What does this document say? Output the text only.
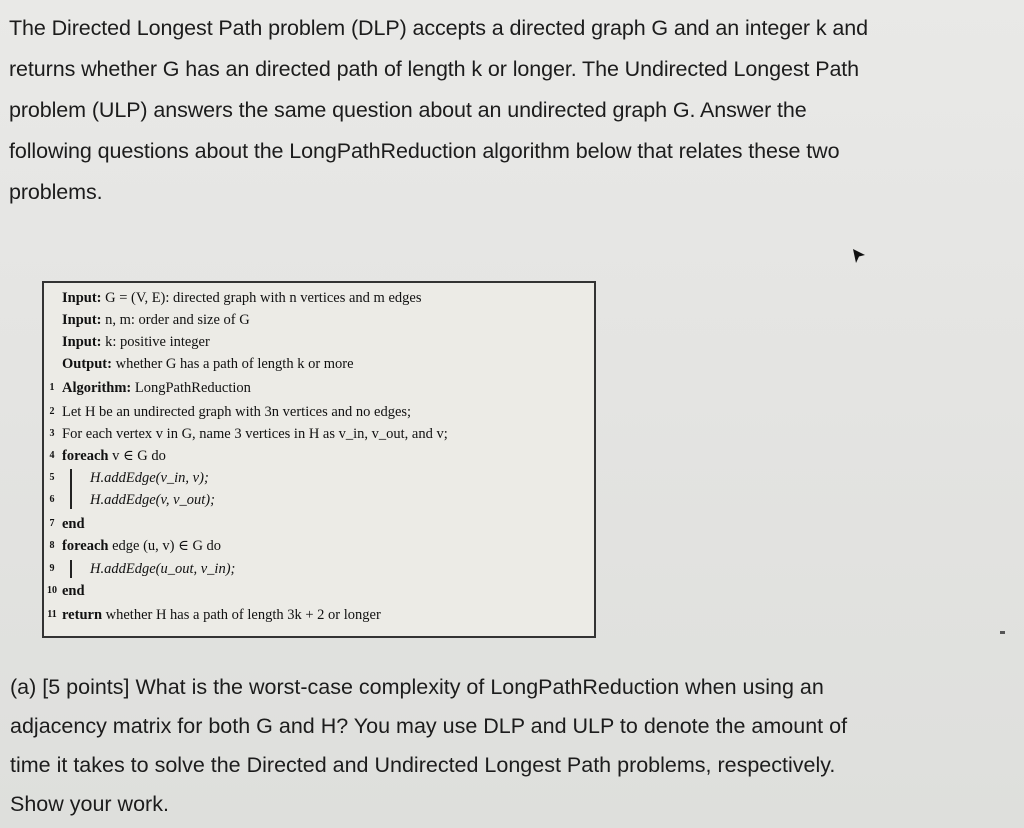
The Directed Longest Path problem (DLP) accepts a directed graph G and an integer k and

returns whether G has an directed path of length k or longer. The Undirected Longest Path

problem (ULP) answers the same question about an undirected graph G. Answer the

following questions about the LongPathReduction algorithm below that relates these two

problems.

Input: G = (V, E): directed graph with n vertices and m edges
Input: n, m: order and size of G
Input: k: positive integer
Output: whether G has a path of length k or more
1 Algorithm: LongPathReduction
2 Let H be an undirected graph with 3n vertices and no edges;
3 For each vertex v in G, name 3 vertices in H as v_in, v_out, and v;
4 foreach v ∈ G do
5 H.addEdge(v_in, v);
6 H.addEdge(v, v_out);
7 end
8 foreach edge (u, v) ∈ G do
9 H.addEdge(u_out, v_in);
10 end
11 return whether H has a path of length 3k + 2 or longer

(a) [5 points] What is the worst-case complexity of LongPathReduction when using an

adjacency matrix for both G and H? You may use DLP and ULP to denote the amount of

time it takes to solve the Directed and Undirected Longest Path problems, respectively.

Show your work.
